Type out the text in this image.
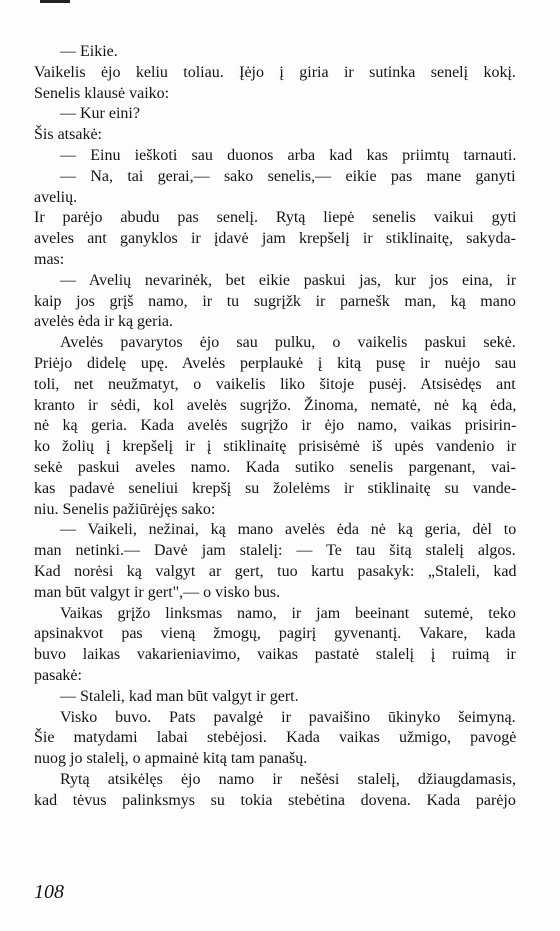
— Eikie.
Vaikelis ėjo keliu toliau. Įėjo į giria ir sutinka senelį kokį.
Senelis klausė vaiko:
— Kur eini?
Šis atsakė:
— Einu ieškoti sau duonos arba kad kas priimtų tarnauti.
— Na, tai gerai,— sako senelis,— eikie pas mane ganyti
avelių.
Ir parėjo abudu pas senelį. Rytą liepė senelis vaikui gyti
aveles ant ganyklos ir įdavė jam krepšelį ir stiklinaitę, sakyda-
mas:
— Avelių nevarinėk, bet eikie paskui jas, kur jos eina, ir
kaip jos grįš namo, ir tu sugrįžk ir parnešk man, ką mano
avelės ėda ir ką geria.
Avelės pavarytos ėjo sau pulku, o vaikelis paskui sekė.
Priėjo didelę upę. Avelės perplaukė į kitą pusę ir nuėjo sau
toli, net neužmatyt, o vaikelis liko šitoje pusėj. Atsisėdęs ant
kranto ir sėdi, kol avelės sugrįžo. Žinoma, nematė, nė ką ėda,
nė ką geria. Kada avelės sugrįžo ir ėjo namo, vaikas prisirin-
ko žolių į krepšelį ir į stiklinaitę prisisėmė iš upės vandenio ir
sekė paskui aveles namo. Kada sutiko senelis pargenant, vai-
kas padavė seneliui krepšį su žolelėms ir stiklinaitę su vande-
niu. Senelis pažiūrėjęs sako:
— Vaikeli, nežinai, ką mano avelės ėda nė ką geria, dėl to
man netinki.— Davė jam stalelį: — Te tau šitą stalelį algos.
Kad norėsi ką valgyt ar gert, tuo kartu pasakyk: „Staleli, kad
man būt valgyt ir gert",— o visko bus.
Vaikas grįžo linksmas namo, ir jam beeinant sutemė, teko
apsinakvot pas vieną žmogų, pagirį gyvenantį. Vakare, kada
buvo laikas vakarieniavimo, vaikas pastatė stalelį į ruimą ir
pasakė:
— Staleli, kad man būt valgyt ir gert.
Visko buvo. Pats pavalgė ir pavaišino ūkinyko šeimyną.
Šie matydami labai stebėjosi. Kada vaikas užmigo, pavogė
nuog jo stalelį, o apmainė kitą tam panašų.
Rytą atsikėlęs ėjo namo ir nešėsi stalelį, džiaugdamasis,
kad tėvus palinksmys su tokia stebėtina dovena. Kada parėjo
108
